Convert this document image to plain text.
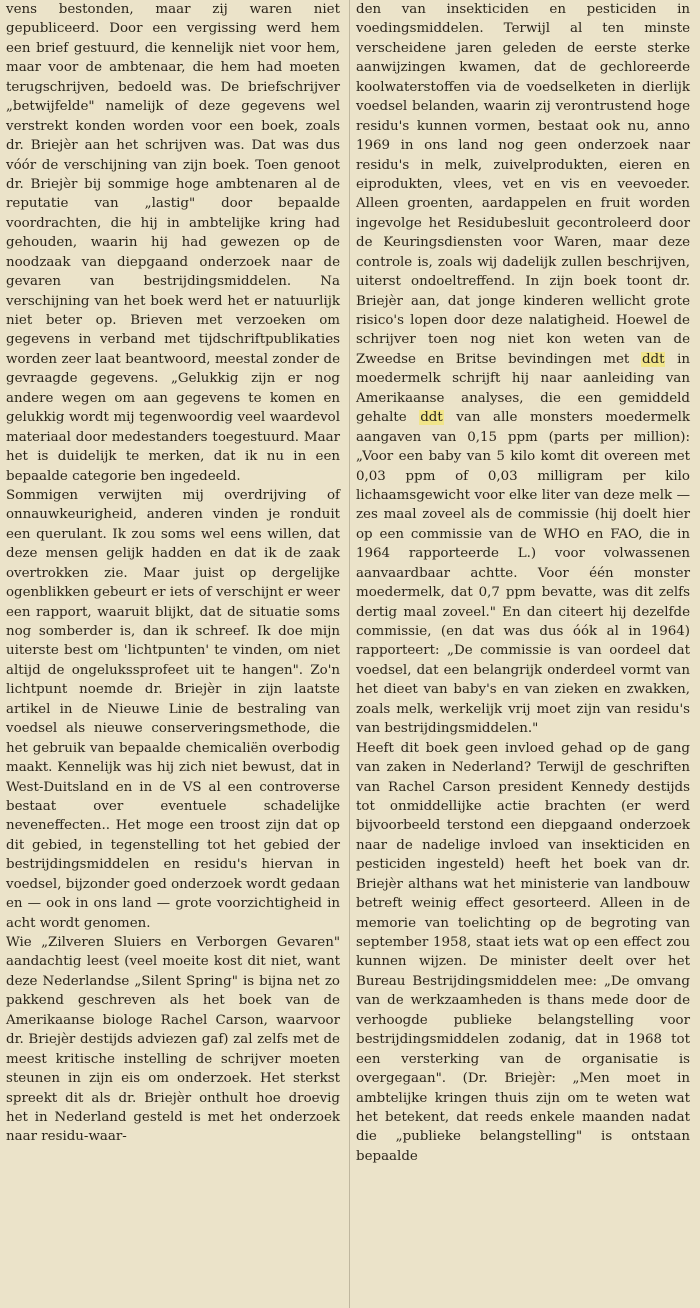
vens bestonden, maar zij waren niet gepubliceerd. Door een vergissing werd hem een brief gestuurd, die kennelijk niet voor hem, maar voor de ambtenaar, die hem had moeten terugschrijven, bedoeld was. De briefschrijver „betwijfelde" namelijk of deze gegevens wel verstrekt konden worden voor een boek, zoals dr. Briejèr aan het schrijven was. Dat was dus vóór de verschijning van zijn boek. Toen genoot dr. Briejèr bij sommige hoge ambtenaren al de reputatie van „lastig" door bepaalde voordrachten, die hij in ambtelijke kring had gehouden, waarin hij had gewezen op de noodzaak van diepgaand onderzoek naar de gevaren van bestrijdingsmiddelen. Na verschijning van het boek werd het er natuurlijk niet beter op. Brieven met verzoeken om gegevens in verband met tijdschriftpublikaties worden zeer laat beantwoord, meestal zonder de gevraagde gegevens. „Gelukkig zijn er nog andere wegen om aan gegevens te komen en gelukkig wordt mij tegenwoordig veel waardevol materiaal door medestanders toegestuurd. Maar het is duidelijk te merken, dat ik nu in een bepaalde categorie ben ingedeeld.

Sommigen verwijten mij overdrijving of onnauwkeurigheid, anderen vinden je ronduit een querulant. Ik zou soms wel eens willen, dat deze mensen gelijk hadden en dat ik de zaak overtrokken zie. Maar juist op dergelijke ogenblikken gebeurt er iets of verschijnt er weer een rapport, waaruit blijkt, dat de situatie soms nog somberder is, dan ik schreef. Ik doe mijn uiterste best om 'lichtpunten' te vinden, om niet altijd de ongelukssprofeet uit te hangen". Zo'n lichtpunt noemde dr. Briejèr in zijn laatste artikel in de Nieuwe Linie de bestraling van voedsel als nieuwe conserveringsmethode, die het gebruik van bepaalde chemicaliën overbodig maakt. Kennelijk was hij zich niet bewust, dat in West-Duitsland en in de VS al een controverse bestaat over eventuele schadelijke neveneffecten.. Het moge een troost zijn dat op dit gebied, in tegenstelling tot het gebied der bestrijdingsmiddelen en residu's hiervan in voedsel, bijzonder goed onderzoek wordt gedaan en — ook in ons land — grote voorzichtigheid in acht wordt genomen.

Wie „Zilveren Sluiers en Verborgen Gevaren" aandachtig leest (veel moeite kost dit niet, want deze Nederlandse „Silent Spring" is bijna net zo pakkend geschreven als het boek van de Amerikaanse biologe Rachel Carson, waarvoor dr. Briejèr destijds adviezen gaf) zal zelfs met de meest kritische instelling de schrijver moeten steunen in zijn eis om onderzoek. Het sterkst spreekt dit als dr. Briejèr onthult hoe droevig het in Nederland gesteld is met het onderzoek naar residu-waar-

den van insekticiden en pesticiden in voedingsmiddelen. Terwijl al ten minste verscheidene jaren geleden de eerste sterke aanwijzingen kwamen, dat de gechloreerde koolwaterstoffen via de voedselketen in dierlijk voedsel belanden, waarin zij verontrustend hoge residu's kunnen vormen, bestaat ook nu, anno 1969 in ons land nog geen onderzoek naar residu's in melk, zuivelprodukten, eieren en eiprodukten, vlees, vet en vis en veevoeder. Alleen groenten, aardappelen en fruit worden ingevolge het Residubesluit gecontroleerd door de Keuringsdiensten voor Waren, maar deze controle is, zoals wij dadelijk zullen beschrijven, uiterst ondoeltreffend. In zijn boek toont dr. Briejèr aan, dat jonge kinderen wellicht grote risico's lopen door deze nalatigheid. Hoewel de schrijver toen nog niet kon weten van de Zweedse en Britse bevindingen met ddt in moedermelk schrijft hij naar aanleiding van Amerikaanse analyses, die een gemiddeld gehalte ddt van alle monsters moedermelk aangaven van 0,15 ppm (parts per million): „Voor een baby van 5 kilo komt dit overeen met 0,03 ppm of 0,03 milligram per kilo lichaamsgewicht voor elke liter van deze melk — zes maal zoveel als de commissie (hij doelt hier op een commissie van de WHO en FAO, die in 1964 rapporteerde L.) voor volwassenen aanvaardbaar achtte. Voor één monster moedermelk, dat 0,7 ppm bevatte, was dit zelfs dertig maal zoveel." En dan citeert hij dezelfde commissie, (en dat was dus óók al in 1964) rapporteert: „De commissie is van oordeel dat voedsel, dat een belangrijk onderdeel vormt van het dieet van baby's en van zieken en zwakken, zoals melk, werkelijk vrij moet zijn van residu's van bestrijdingsmiddelen."

Heeft dit boek geen invloed gehad op de gang van zaken in Nederland? Terwijl de geschriften van Rachel Carson president Kennedy destijds tot onmiddellijke actie brachten (er werd bijvoorbeeld terstond een diepgaand onderzoek naar de nadelige invloed van insekticiden en pesticiden ingesteld) heeft het boek van dr. Briejèr althans wat het ministerie van landbouw betreft weinig effect gesorteerd. Alleen in de memorie van toelichting op de begroting van september 1958, staat iets wat op een effect zou kunnen wijzen. De minister deelt over het Bureau Bestrijdingsmiddelen mee: „De omvang van de werkzaamheden is thans mede door de verhoogde publieke belangstelling voor bestrijdingsmiddelen zodanig, dat in 1968 tot een versterking van de organisatie is overgegaan". (Dr. Briejèr: „Men moet in ambtelijke kringen thuis zijn om te weten wat het betekent, dat reeds enkele maanden nadat die „publieke belangstelling" is ontstaan bepaalde
